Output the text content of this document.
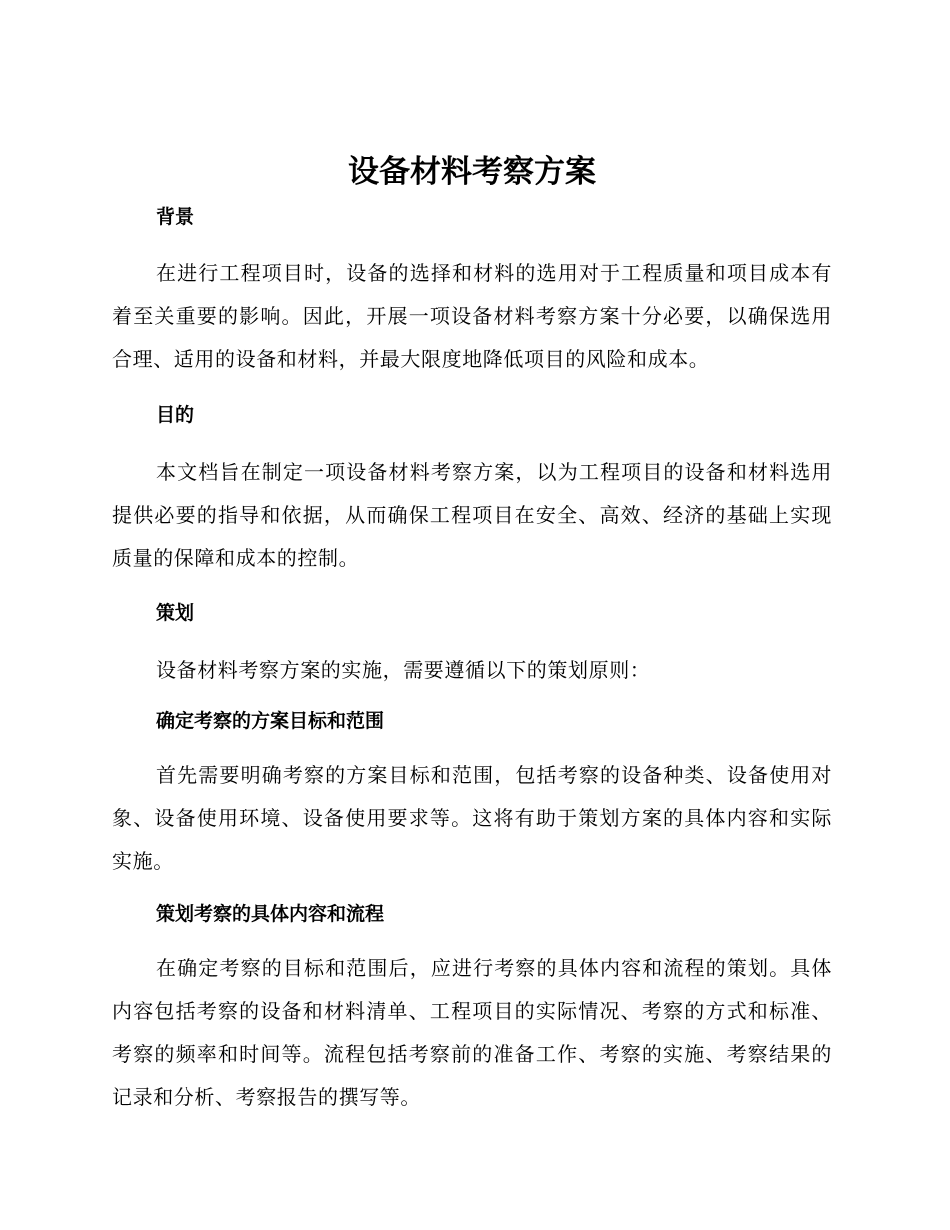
设备材料考察方案
背景

在进行工程项目时，设备的选择和材料的选用对于工程质量和项目成本有着至关重要的影响。因此，开展一项设备材料考察方案十分必要，以确保选用合理、适用的设备和材料，并最大限度地降低项目的风险和成本。

目的

本文档旨在制定一项设备材料考察方案，以为工程项目的设备和材料选用提供必要的指导和依据，从而确保工程项目在安全、高效、经济的基础上实现质量的保障和成本的控制。

策划

设备材料考察方案的实施，需要遵循以下的策划原则：

确定考察的方案目标和范围

首先需要明确考察的方案目标和范围，包括考察的设备种类、设备使用对象、设备使用环境、设备使用要求等。这将有助于策划方案的具体内容和实际实施。

策划考察的具体内容和流程

在确定考察的目标和范围后，应进行考察的具体内容和流程的策划。具体内容包括考察的设备和材料清单、工程项目的实际情况、考察的方式和标准、考察的频率和时间等。流程包括考察前的准备工作、考察的实施、考察结果的记录和分析、考察报告的撰写等。
